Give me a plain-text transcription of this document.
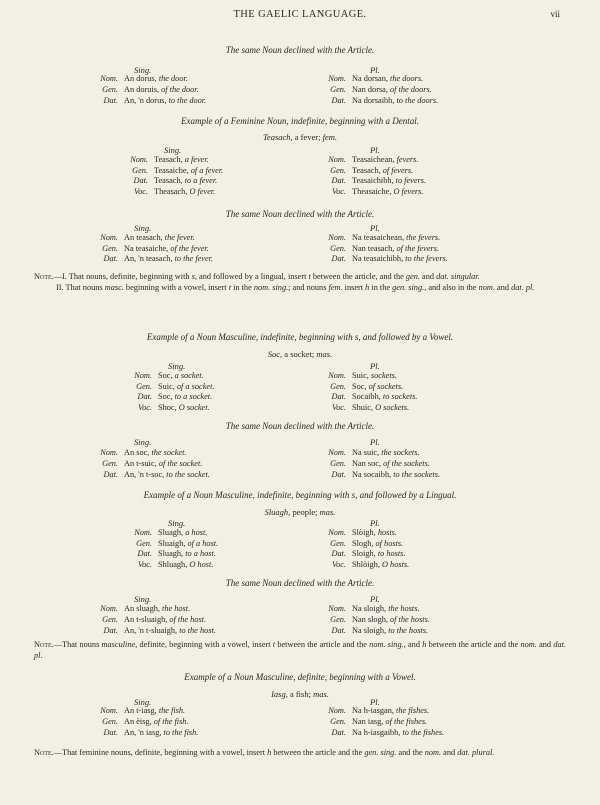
THE GAELIC LANGUAGE.	vii
The same Noun declined with the Article.
Sing.	Pl.
Nom. An dorus, the door.	Nom. Na dorsan, the doors.
Gen. An doruis, of the door.	Gen. Nan dorsa, of the doors.
Dat. An, 'n dorus, to the door.	Dat. Na dorsaibh, to the doors.
Example of a Feminine Noun, indefinite, beginning with a Dental.
Teasach, a fever; fem.
Sing.	Pl.
Nom. Teasach, a fever.	Nom. Teasaichean, fevers.
Gen. Teasaiche, of a fever.	Gen. Teasach, of fevers.
Dat. Teasach, to a fever.	Dat. Teasaichibh, to fevers.
Voc. Theasach, O fever.	Voc. Theasaiche, O fevers.
The same Noun declined with the Article.
Sing.	Pl.
Nom. An teasach, the fever.	Nom. Na teasaichean, the fevers.
Gen. Na teasaiche, of the fever.	Gen. Nan teasach, of the fevers.
Dat. An, 'n teasach, to the fever.	Dat. Na teasaichibh, to the fevers.
Example of a Noun Masculine, indefinite, beginning with s, and followed by a Vowel.
Soc, a socket; mas.
Sing.	Pl.
Nom. Soc, a socket.	Nom. Suic, sockets.
Gen. Suic, of a socket.	Gen. Soc, of sockets.
Dat. Soc, to a socket.	Dat. Socaibh, to sockets.
Voc. Shoc, O socket.	Voc. Shuic, O sockets.
The same Noun declined with the Article.
Sing.	Pl.
Nom. An soc, the socket.	Nom. Na suic, the sockets.
Gen. An t-suic, of the socket.	Gen. Nan soc, of the sockets.
Dat. An, 'n t-soc, to the socket.	Dat. Na socaibh, to the sockets.
Example of a Noun Masculine, indefinite, beginning with s, and followed by a Lingual.
Sluagh, people; mas.
Sing.	Pl.
Nom. Sluagh, a host.	Nom. Slòigh, hosts.
Gen. Sluaigh, of a host.	Gen. Slogh, of hosts.
Dat. Sluagh, to a host.	Dat. Sloigh, to hosts.
Voc. Shluagh, O host.	Voc. Shlòigh, O hosts.
The same Noun declined with the Article.
Sing.	Pl.
Nom. An sluagh, the host.	Nom. Na sloigh, the hosts.
Gen. An t-sluaigh, of the host.	Gen. Nan slogh, of the hosts.
Dat. An, 'n t-sluaigh, to the host.	Dat. Na sloigh, to the hosts.
Example of a Noun Masculine, definite, beginning with a Vowel.
Iasg, a fish; mas.
Sing.	Pl.
Nom. An t-iasg, the fish.	Nom. Na h-iasgan, the fishes.
Gen. An èisg, of the fish.	Gen. Nan iasg, of the fishes.
Dat. An, 'n iasg, to the fish.	Dat. Na h-iasgaibh, to the fishes.
Note.—I. That nouns, definite, beginning with s, and followed by a lingual, insert t between the article, and the gen. and dat. singular.
II. That nouns masc. beginning with a vowel, insert t in the nom. sing.; and nouns fem. insert h in the gen. sing., and also in the nom. and dat. pl.
Note.—That nouns masculine, definite, beginning with a vowel, insert t between the article and the nom. sing., and h between the article and the nom. and dat. pl.
Note.—That feminine nouns, definite, beginning with a vowel, insert h between the article and the gen. sing. and the nom. and dat. plural.
